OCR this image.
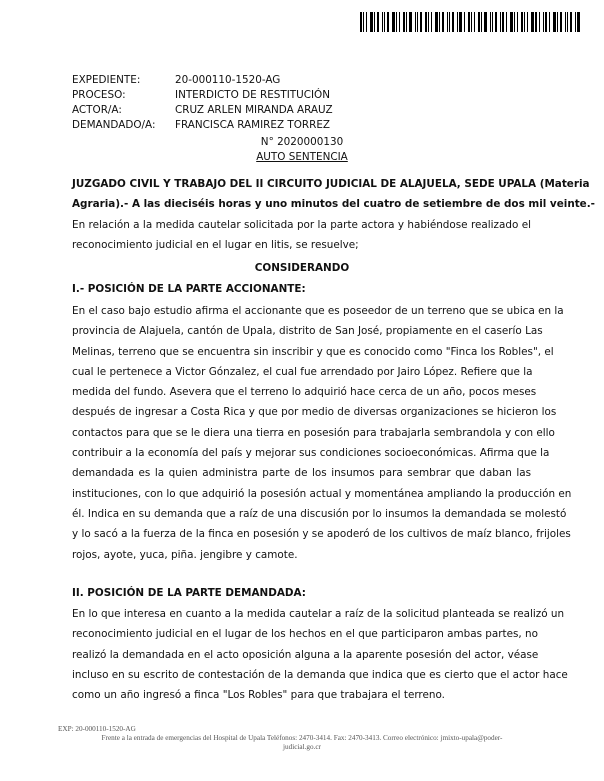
EXPEDIENTE:	20-000110-1520-AG
PROCESO:	INTERDICTO DE RESTITUCIÓN
ACTOR/A:	CRUZ ARLEN MIRANDA ARAUZ
DEMANDADO/A:	FRANCISCA RAMIREZ TORREZ
N° 2020000130
AUTO SENTENCIA
JUZGADO CIVIL Y TRABAJO DEL II CIRCUITO JUDICIAL DE ALAJUELA, SEDE UPALA (Materia
Agraria).- A las dieciséis horas y uno minutos del cuatro de setiembre de dos mil veinte.-
En relación a la medida cautelar solicitada por la parte actora y habiéndose realizado el
reconocimiento judicial en el lugar en litis, se resuelve;
CONSIDERANDO
I.- POSICIÓN DE LA PARTE ACCIONANTE:
En el caso bajo estudio afirma el accionante que es poseedor de un terreno que se ubica en la
provincia de Alajuela, cantón de Upala, distrito de San José, propiamente en el caserío Las
Melinas, terreno que se encuentra sin inscribir y que es conocido como "Finca los Robles", el
cual le pertenece a Victor Gónzalez, el cual fue arrendado por Jairo López. Refiere que la
medida del fundo. Asevera que el terreno lo adquirió hace cerca de un año, pocos meses
después de ingresar a Costa Rica y que por medio de diversas organizaciones se hicieron los
contactos para que se le diera una tierra en posesión para trabajarla sembrandola y con ello
contribuir a la economía del país y mejorar sus condiciones socioeconómicas. Afirma que la
demandada es la quien administra parte de los insumos para sembrar que daban las
instituciones, con lo que adquirió la posesión actual y momentánea ampliando la producción en
él. Indica en su demanda que a raíz de una discusión por lo insumos la demandada se molestó
y lo sacó a la fuerza de la finca en posesión y se apoderó de los cultivos de maíz blanco, frijoles
rojos, ayote, yuca, piña. jengibre y camote.
II. POSICIÓN DE LA PARTE DEMANDADA:
En lo que interesa en cuanto a la medida cautelar a raíz de la solicitud planteada se realizó un
reconocimiento judicial en el lugar de los hechos en el que participaron ambas partes, no
realizó la demandada en el acto oposición alguna a la aparente posesión del actor, véase
incluso en su escrito de contestación de la demanda que indica que es cierto que el actor hace
como un año ingresó a finca "Los Robles" para que trabajara el terreno.
EXP: 20-000110-1520-AG
Frente a la entrada de emergencias del Hospital de Upala Teléfonos: 2470-3414. Fax: 2470-3413. Correo electrónico: jmixto-upala@poder-
judicial.go.cr
